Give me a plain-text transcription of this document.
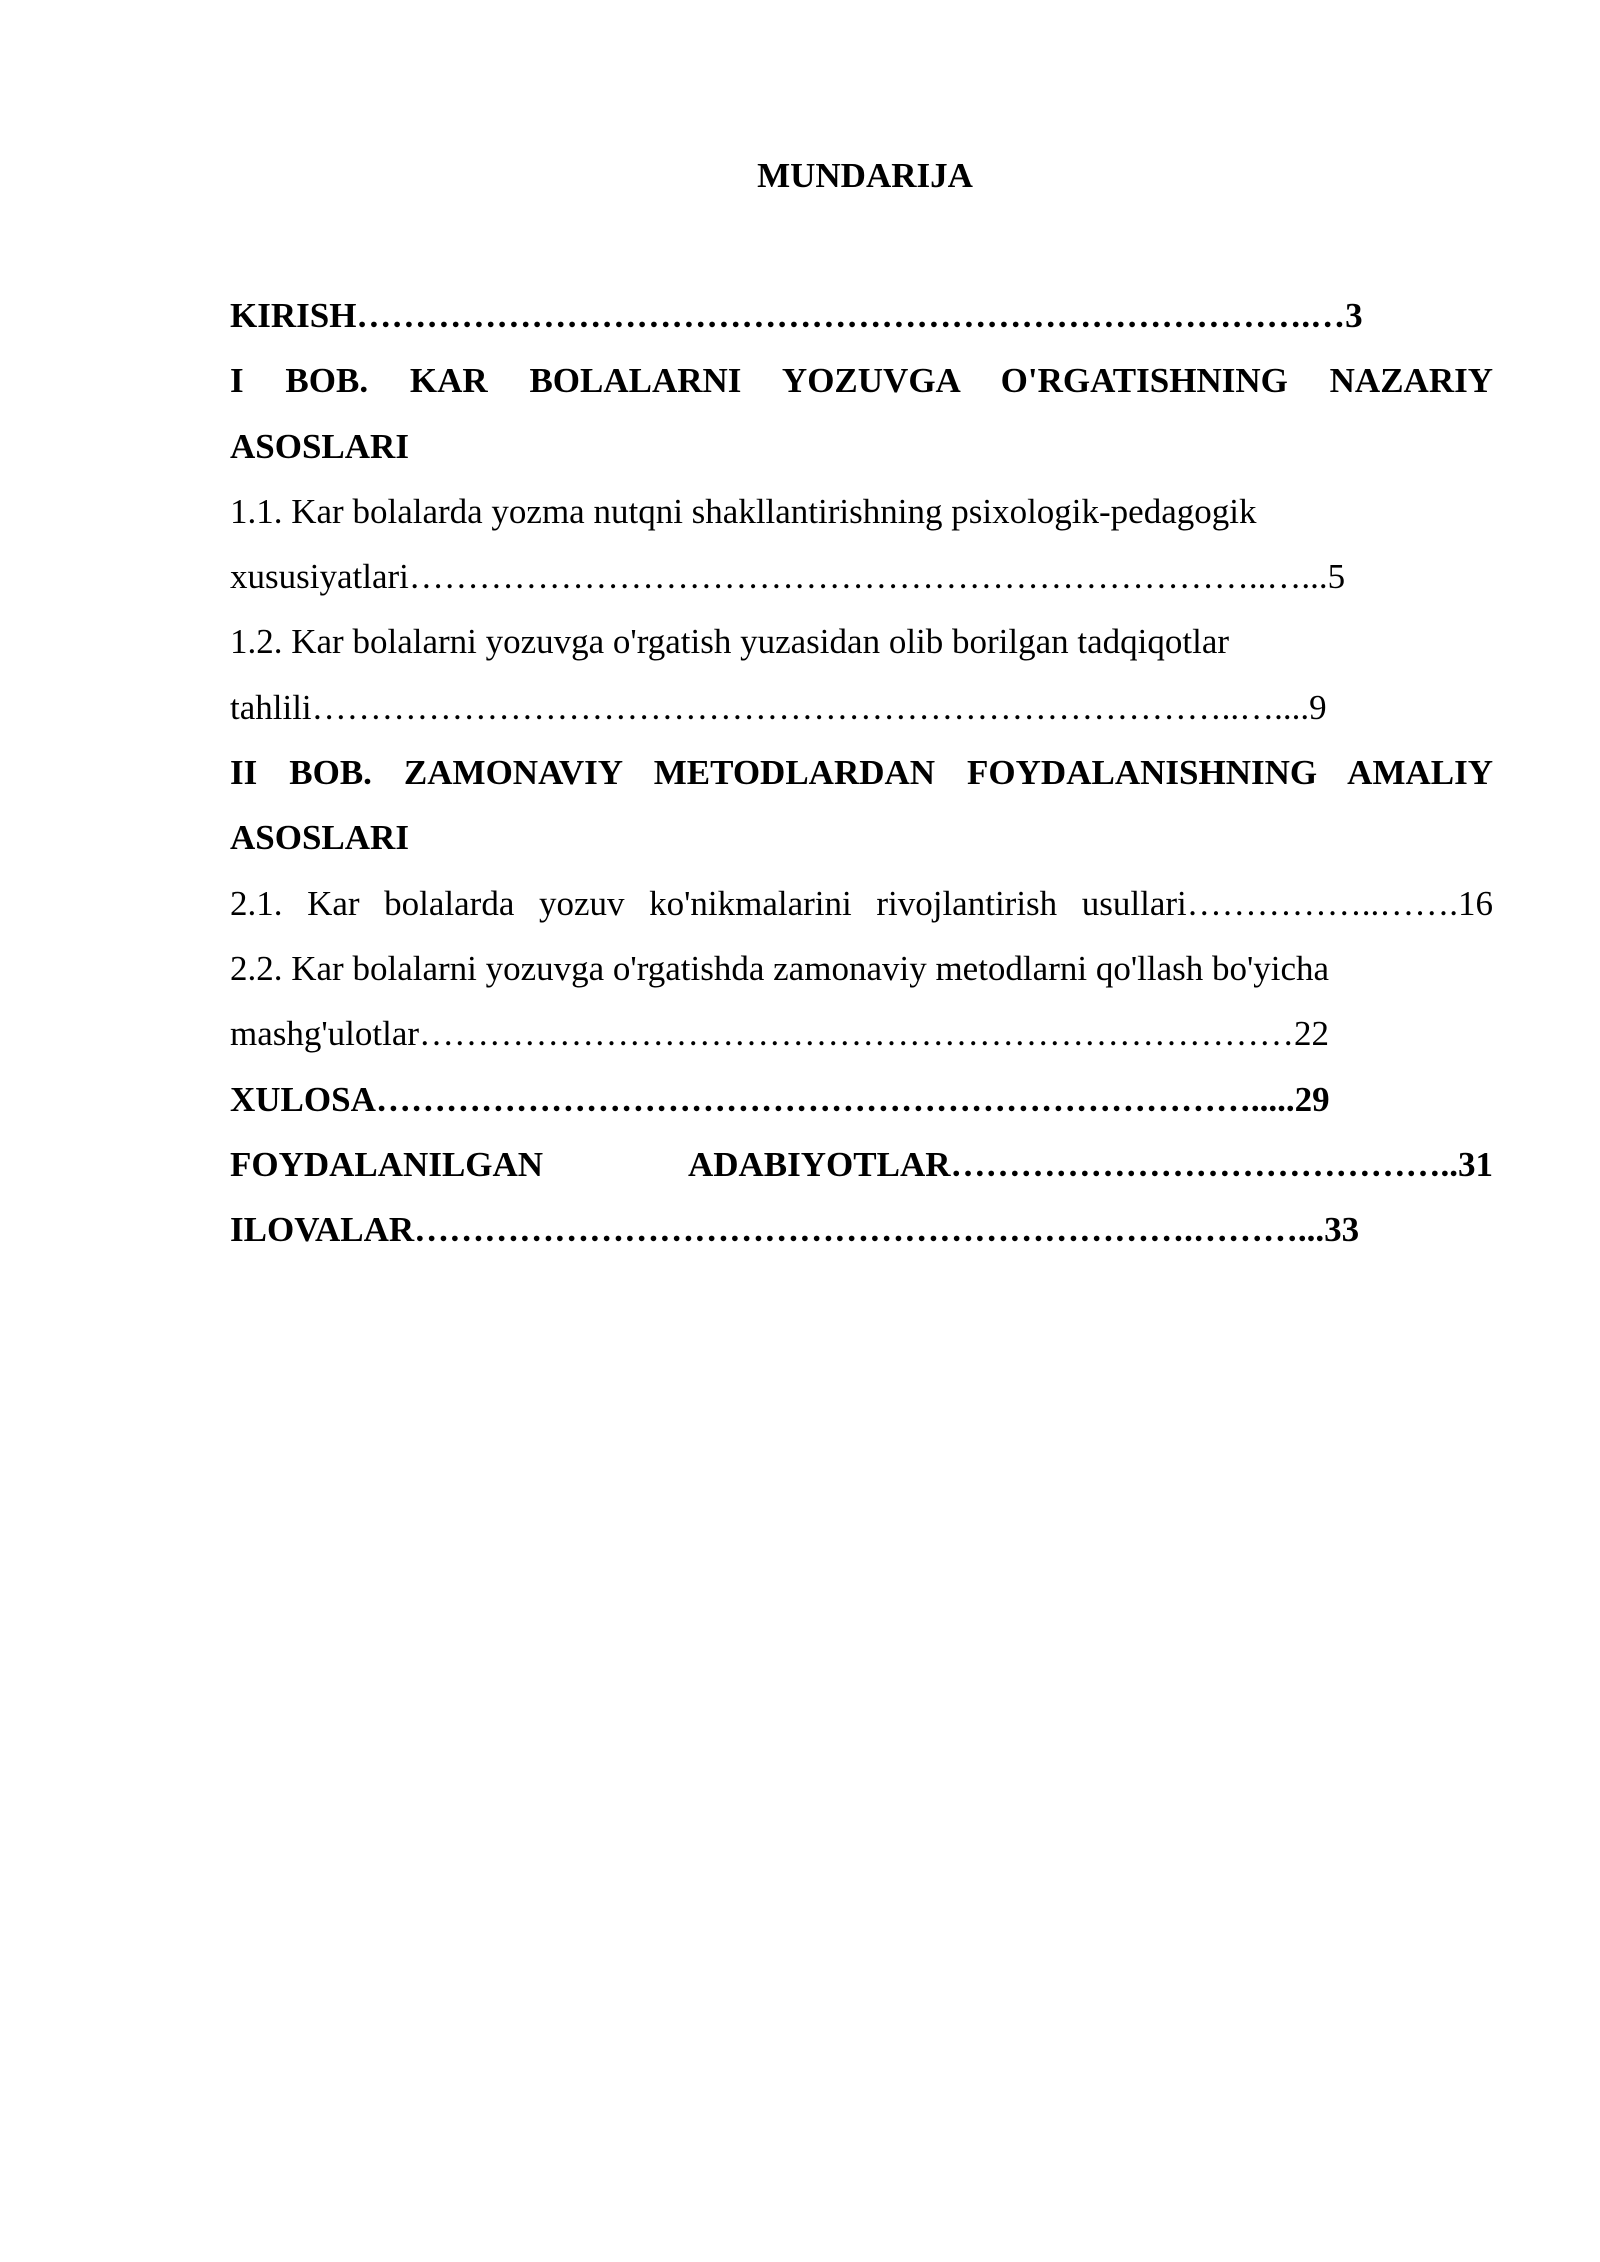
MUNDARIJA
KIRISH……………………………………………………………………….…3
I BOB. KAR BOLALARNI YOZUVGA O'RGATISHNING NAZARIY
ASOSLARI
1.1. Kar bolalarda yozma nutqni shakllantirishning psixologik-pedagogik
xususiyatlari………………………………………………………………..…...5
1.2. Kar bolalarni yozuvga o'rgatish yuzasidan olib borilgan tadqiqotlar
tahlili……………………………………………………………………..…....9
II BOB. ZAMONAVIY METODLARDAN FOYDALANISHNING AMALIY
ASOSLARI
2.1. Kar bolalarda yozuv ko'nikmalarini rivojlantirish usullari……………..…….16
2.2. Kar bolalarni yozuvga o'rgatishda zamonaviy metodlarni qo'llash bo'yicha
mashg'ulotlar…………………………………………………………………22
XULOSA………………………………………………………………….....29
FOYDALANILGAN ADABIYOTLAR……………………………………..31
ILOVALAR………………………………………………………….………...33
